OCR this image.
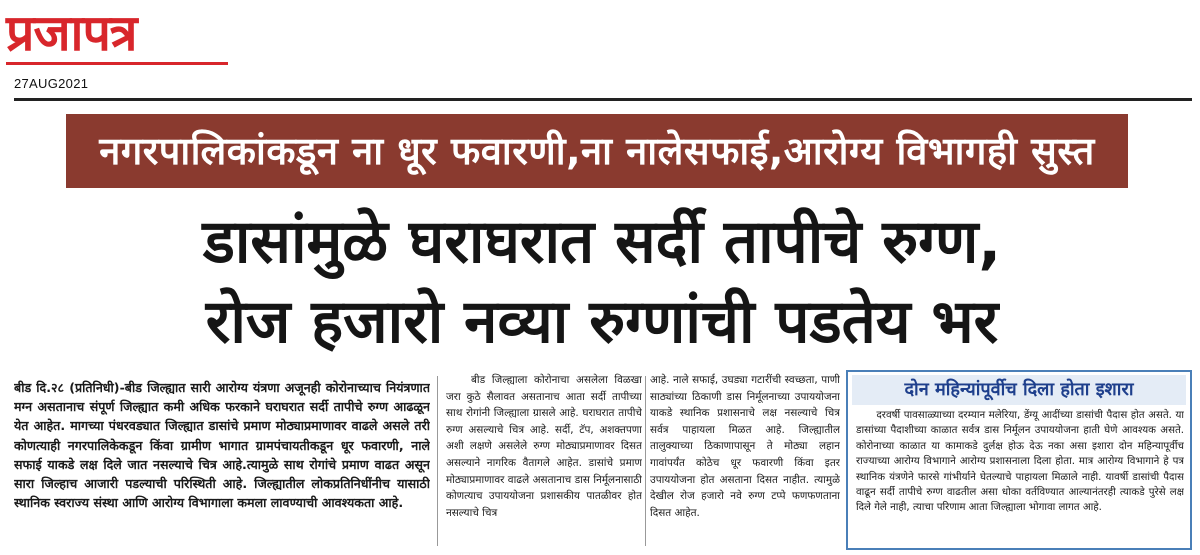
प्रजापत्र
27AUG2021
नगरपालिकांकडून ना धूर फवारणी,ना नालेसफाई,आरोग्य विभागही सुस्त
डासांमुळे घराघरात सर्दी तापीचे रुग्ण,
रोज हजारो नव्या रुग्णांची पडतेय भर
बीड दि.२८ (प्रतिनिधी)-बीड जिल्ह्यात सारी आरोग्य यंत्रणा अजूनही कोरोनाच्याच नियंत्रणात मग्न असतानाच संपूर्ण जिल्ह्यात कमी अधिक फरकाने घराघरात सर्दी तापीचे रुग्ण आढळून येत आहेत. मागच्या पंधरवड्यात जिल्ह्यात डासांचे प्रमाण मोठ्याप्रमाणावर वाढले असले तरी कोणत्याही नगरपालिकेकडून किंवा ग्रामीण भागात ग्रामपंचायतीकडून धूर फवारणी, नाले सफाई याकडे लक्ष दिले जात नसल्याचे चित्र आहे.त्यामुळे साथ रोगांचे प्रमाण वाढत असून सारा जिल्हाच आजारी पडल्याची परिस्थिती आहे. जिल्ह्यातील लोकप्रतिनिधींनीच यासाठी स्थानिक स्वराज्य संस्था आणि आरोग्य विभागाला कमला लावण्याची आवश्यकता आहे.
बीड जिल्ह्याला कोरोनाचा असलेला विळखा जरा कुठे सैलावत असतानाच आता सर्दी तापीच्या साथ रोगांनी जिल्ह्याला ग्रासले आहे. घराघरात तापीचे रुग्ण असल्याचे चित्र आहे. सर्दी, टॅप, अशक्तपणा अशी लक्षणे असलेले रुग्ण मोठ्याप्रमाणावर दिसत असल्याने नागरिक वैतागले आहेत. डासांचे प्रमाण मोठ्याप्रमाणावर वाढले असतानाच डास निर्मूलनासाठी कोणत्याच उपाययोजना प्रशासकीय पातळीवर होत नसल्याचे चित्र
आहे. नाले सफाई, उघड्या गटारींची स्वच्छता, पाणी साठ्यांच्या ठिकाणी डास निर्मूलनाच्या उपाययोजना याकडे स्थानिक प्रशासनाचे लक्ष नसल्याचे चित्र सर्वत्र पाहायला मिळत आहे. जिल्ह्यातील तालुक्याच्या ठिकाणापासून ते मोठ्या लहान गावांपर्यंत कोठेच धूर फवारणी किंवा इतर उपाययोजना होत असताना दिसत नाहीत. त्यामुळे देखील रोज हजारो नवे रुग्ण टप्पे फणफणताना दिसत आहेत.
दोन महिन्यांपूर्वीच दिला होता इशारा
दरवर्षी पावसाळ्याच्या दरम्यान मलेरिया, डेंग्यू आदींच्या डासांची पैदास होत असते. या डासांच्या पैदाशीच्या काळात सर्वत्र डास निर्मूलन उपाययोजना हाती घेणे आवश्यक असते. कोरोनाच्या काळात या कामाकडे दुर्लक्ष होऊ देऊ नका असा इशारा दोन महिन्यापूर्वीच राज्याच्या आरोग्य विभागाने आरोग्य प्रशासनाला दिला होता. मात्र आरोग्य विभागाने हे पत्र स्थानिक यंत्रणेने फारसे गांभीर्याने घेतल्याचे पाहायला मिळाले नाही. यावर्षी डासांची पैदास वाढून सर्दी तापीचे रुग्ण वाढतील असा धोका वर्तविण्यात आल्यानंतरही त्याकडे पुरेसे लक्ष दिले गेले नाही, त्याचा परिणाम आता जिल्ह्याला भोगावा लागत आहे.
